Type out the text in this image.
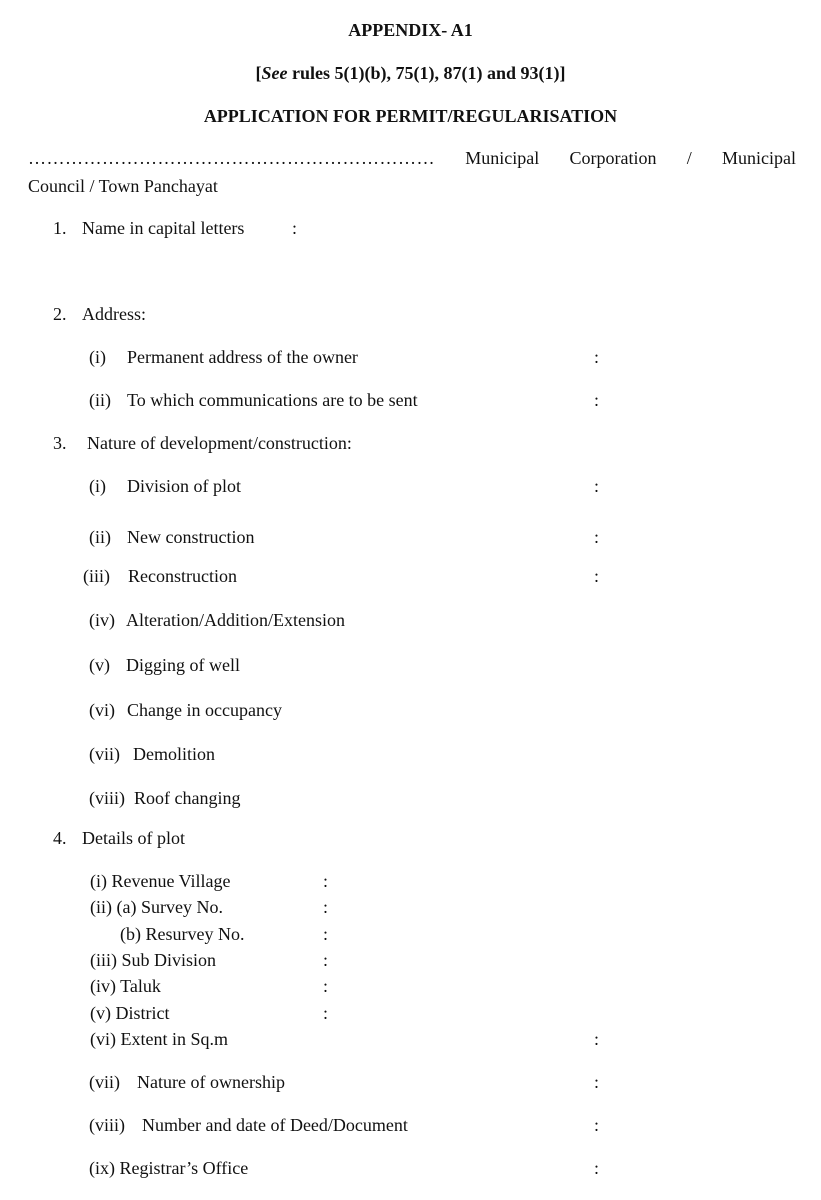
APPENDIX- A1
[See rules 5(1)(b), 75(1), 87(1) and 93(1)]
APPLICATION FOR PERMIT/REGULARISATION
………………………………………………………… Municipal Corporation / Municipal
Council / Town Panchayat
1. Name in capital letters	:
2. Address:
(i) Permanent address of the owner	:
(ii) To which communications are to be sent	:
3. Nature of development/construction:
(i) Division of plot	:
(ii) New construction	:
(iii) Reconstruction	:
(iv) Alteration/Addition/Extension
(v) Digging of well
(vi) Change in occupancy
(vii) Demolition
(viii) Roof changing
4. Details of plot
(i) Revenue Village	:
(ii) (a) Survey No.	:
(b) Resurvey No.	:
(iii) Sub Division	:
(iv) Taluk	:
(v) District	:
(vi) Extent in Sq.m	:
(vii) Nature of ownership	:
(viii) Number and date of Deed/Document	:
(ix) Registrar’s Office	:
